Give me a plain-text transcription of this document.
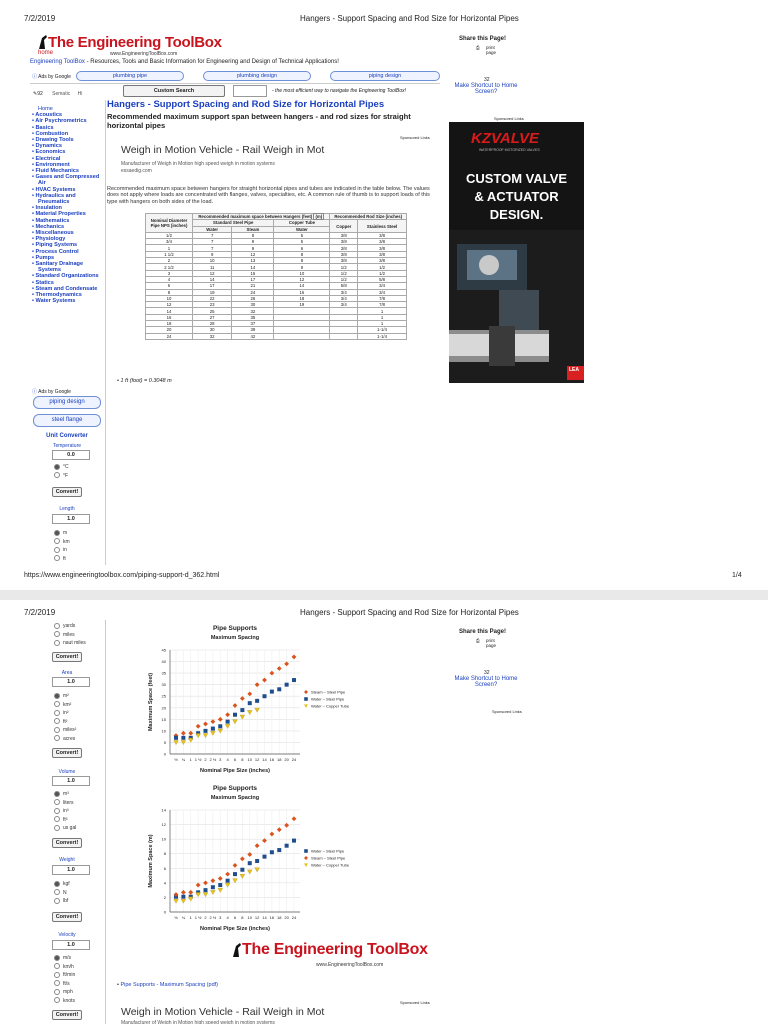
7/2/2019	Hangers - Support Spacing and Rod Size for Horizontal Pipes
The Engineering ToolBox
home	www.EngineeringToolBox.com
Engineering ToolBox - Resources, Tools and Basic Information for Engineering and Design of Technical Applications!
Share this Page!
⎙ print
page
32
Make Shortcut to Home Screen?
ⓘ Ads by Google	plumbing pipe	plumbing design	piping design
✎92 Sematic Hi	Custom Search	- the most efficient way to navigate the Engineering ToolBox!
Home
• Acoustics
• Air Psychrometrics
• Basics
• Combustion
• Drawing Tools
• Dynamics
• Economics
• Electrical
• Environment
• Fluid Mechanics
• Gases and Compressed Air
• HVAC Systems
• Hydraulics and Pneumatics
• Insulation
• Material Properties
• Mathematics
• Mechanics
• Miscellaneous
• Physiology
• Piping Systems
• Process Control
• Pumps
• Sanitary Drainage Systems
• Standard Organizations
• Statics
• Steam and Condensate
• Thermodynamics
• Water Systems
ⓘ Ads by Google
piping design
steel flange
Unit Converter
Temperature
0.0
°C
°F
Convert!
Length
1.0
m
km
in
ft
Hangers - Support Spacing and Rod Size for Horizontal Pipes
Recommended maximum support span between hangers - and rod sizes for straight horizontal pipes
Sponsored Links
Weigh in Motion Vehicle - Rail Weigh in Mot
Manufacturer of Weigh in Motion high speed weigh in motion systems
essaedig.com
Recommended maximum space between hangers for straight horizontal pipes and tubes are indicated in the table below. The values does not apply where loads are concentrated with flanges, valves, specialties, etc. A common rule of thumb is to support loads of this type with hangers on both sides of the load.
Nominal Diameter Pipe NPS (inches)	Recommended maximum space between Hangers (feet) (m)			Recommended Rod Size (inches)	
	Standard Steel Pipe		Copper Tube	Copper	Stainless Steel
	Water	Steam	Water		
1/2	7	8	5	3/8	3/8
3/4	7	9	5	3/8	3/8
1	7	9	6	3/8	3/8
1 1/2	9	12	8	3/8	3/8
2	10	13	8	3/8	3/8
2 1/2	11	14	9	1/2	1/2
3	12	15	10	1/2	1/2
4	14	17	12	1/2	5/8
6	17	21	14	5/8	3/4
8	19	24	16	3/4	3/4
10	22	26	18	3/4	7/8
12	23	30	19	3/4	7/8
14	25	32			1
16	27	35			1
18	28	37			1
20	30	39			1-1/4
24	32	42			1-1/4
• 1 ft (foot) = 0.3048 m
Sponsored Links
KZVALVE
WATERPROOF MOTORIZED VALVES
CUSTOM VALVE
& ACTUATOR
DESIGN.
LEA
https://www.engineeringtoolbox.com/piping-support-d_362.html	1/4
7/2/2019	Hangers - Support Spacing and Rod Size for Horizontal Pipes
yards
miles
naut miles
Convert!
Area
1.0
m²
km²
in²
ft²
miles²
acres
Convert!
Volume
1.0
m³
liters
in³
ft³
us gal
Convert!
Weight
1.0
kgf
N
lbf
Convert!
Velocity
1.0
m/s
km/h
ft/min
ft/s
mph
knots
Convert!
Pipe Supports
Maximum Spacing
0
5
10
15
20
25
30
35
40
45
½ ¾ 1 1 ½ 2 2 ½ 3 4 6 8 10 12 14 16 18 20 24
Nominal Pipe Size (inches)
Maximum Space (feet)	Steam – Steel Pipe
Water – Steel Pipe
Water – Copper Tube
Pipe Supports
Maximum Spacing
0
2
4
6
8
10
12
14
½ ¾ 1 1 ½ 2 2 ½ 3 4 6 8 10 12 14 16 18 20 24
Nominal Pipe Size (inches)
Maximum Space (m)	Water – Steel Pipe
Steam – Steel Pipe
Water – Copper Tube
The Engineering ToolBox
www.EngineeringToolBox.com
• Pipe Supports - Maximum Spacing (pdf)
Sponsored Links
Weigh in Motion Vehicle - Rail Weigh in Mot
Manufacturer of Weigh in Motion high speed weigh in motion systems
Share this Page!
⎙ print
page
32
Make Shortcut to Home Screen?
Sponsored Links
